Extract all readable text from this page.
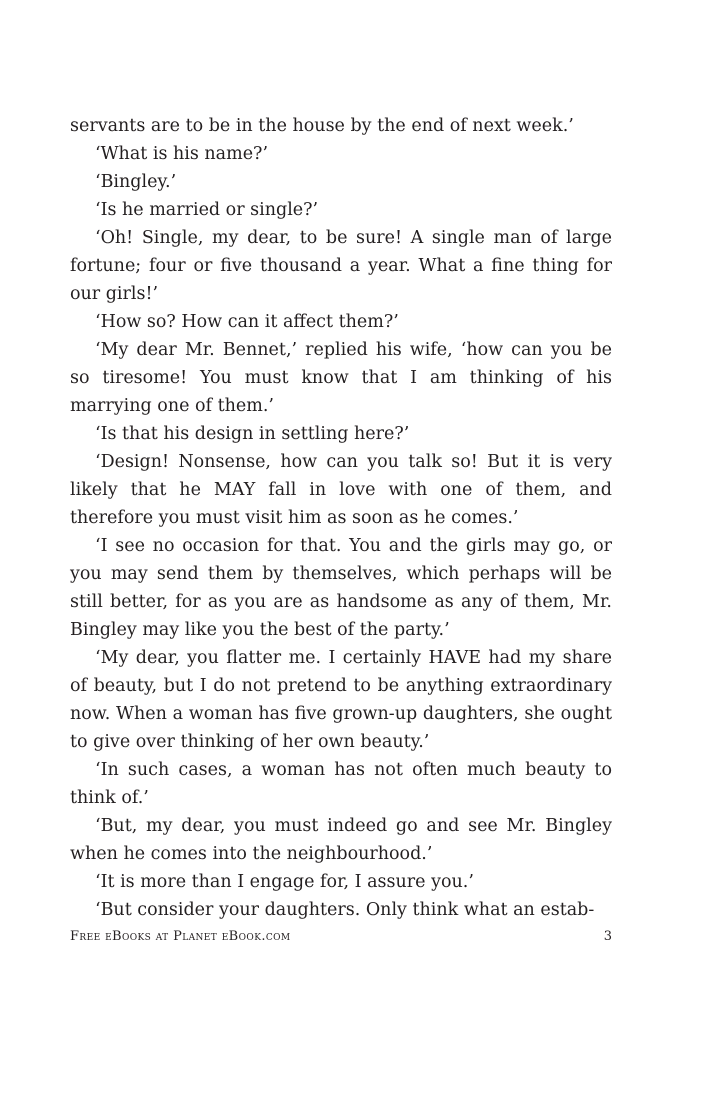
servants are to be in the house by the end of next week.’

‘What is his name?’

‘Bingley.’

‘Is he married or single?’

‘Oh! Single, my dear, to be sure! A single man of large fortune; four or five thousand a year. What a fine thing for our girls!’

‘How so? How can it affect them?’

‘My dear Mr. Bennet,’ replied his wife, ‘how can you be so tiresome! You must know that I am thinking of his marrying one of them.’

‘Is that his design in settling here?’

‘Design! Nonsense, how can you talk so! But it is very likely that he MAY fall in love with one of them, and therefore you must visit him as soon as he comes.’

‘I see no occasion for that. You and the girls may go, or you may send them by themselves, which perhaps will be still better, for as you are as handsome as any of them, Mr. Bingley may like you the best of the party.’

‘My dear, you flatter me. I certainly HAVE had my share of beauty, but I do not pretend to be anything extraordinary now. When a woman has five grown-up daughters, she ought to give over thinking of her own beauty.’

‘In such cases, a woman has not often much beauty to think of.’

‘But, my dear, you must indeed go and see Mr. Bingley when he comes into the neighbourhood.’

‘It is more than I engage for, I assure you.’

‘But consider your daughters. Only think what an estab-

Free eBooks at Planet eBook.com	3
